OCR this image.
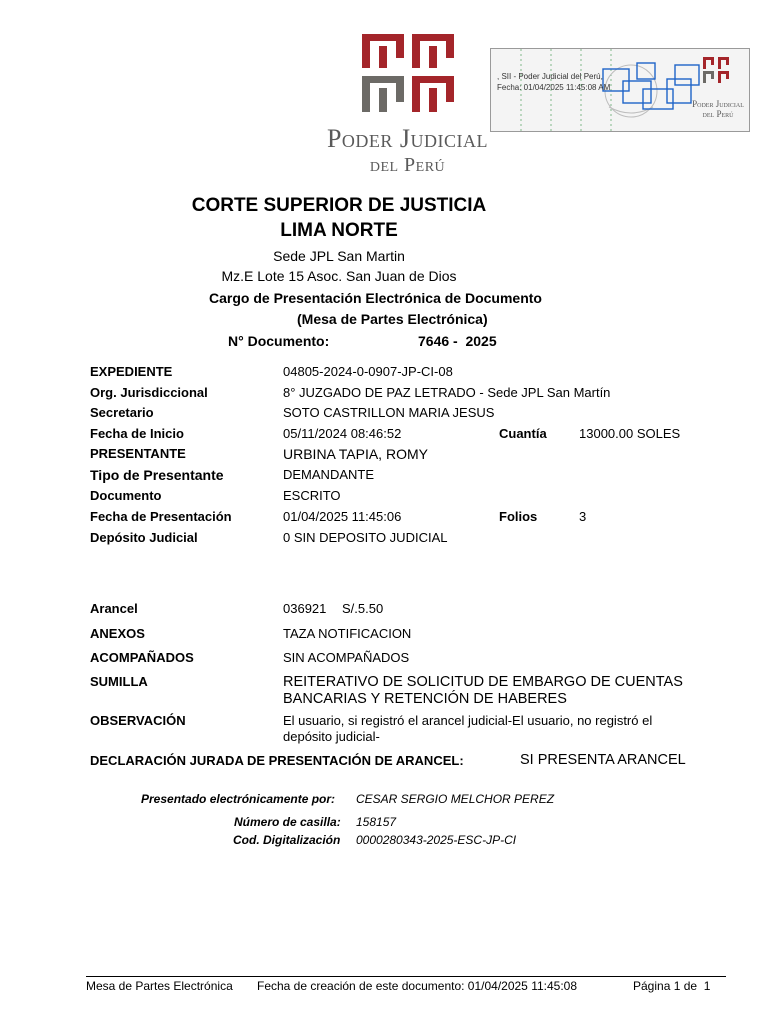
Poder Judicial
del Perú
, SII - Poder Judicial del Perú,
Fecha: 01/04/2025 11:45:08 AM
Poder Judicial
del Perú
CORTE SUPERIOR DE JUSTICIA
LIMA NORTE
Sede JPL San Martin
Mz.E Lote 15 Asoc. San Juan de Dios
Cargo de Presentación Electrónica de Documento
(Mesa de Partes Electrónica)
N° Documento:	7646 -  2025
EXPEDIENTE	04805-2024-0-0907-JP-CI-08
Org. Jurisdiccional	8° JUZGADO DE PAZ LETRADO - Sede JPL San Martín
Secretario	SOTO CASTRILLON MARIA JESUS
Fecha de Inicio	05/11/2024 08:46:52	Cuantía 13000.00 SOLES
PRESENTANTE	URBINA TAPIA, ROMY
Tipo de Presentante	DEMANDANTE
Documento	ESCRITO
Fecha de Presentación	01/04/2025 11:45:06	Folios	3
Depósito Judicial	0 SIN DEPOSITO JUDICIAL
Arancel	036921 S/.5.50
ANEXOS	TAZA NOTIFICACION
ACOMPAÑADOS	SIN ACOMPAÑADOS
SUMILLA	REITERATIVO DE SOLICITUD DE EMBARGO DE CUENTAS BANCARIAS Y RETENCIÓN DE HABERES
OBSERVACIÓN	El usuario, si registró el arancel judicial-El usuario, no registró el depósito judicial-
DECLARACIÓN JURADA DE PRESENTACIÓN DE ARANCEL:	SI PRESENTA ARANCEL
Presentado electrónicamente por: CESAR SERGIO MELCHOR PEREZ
Número de casilla: 158157
Cod. Digitalización 0000280343-2025-ESC-JP-CI
Mesa de Partes Electrónica Fecha de creación de este documento: 01/04/2025 11:45:08	Página 1 de  1
